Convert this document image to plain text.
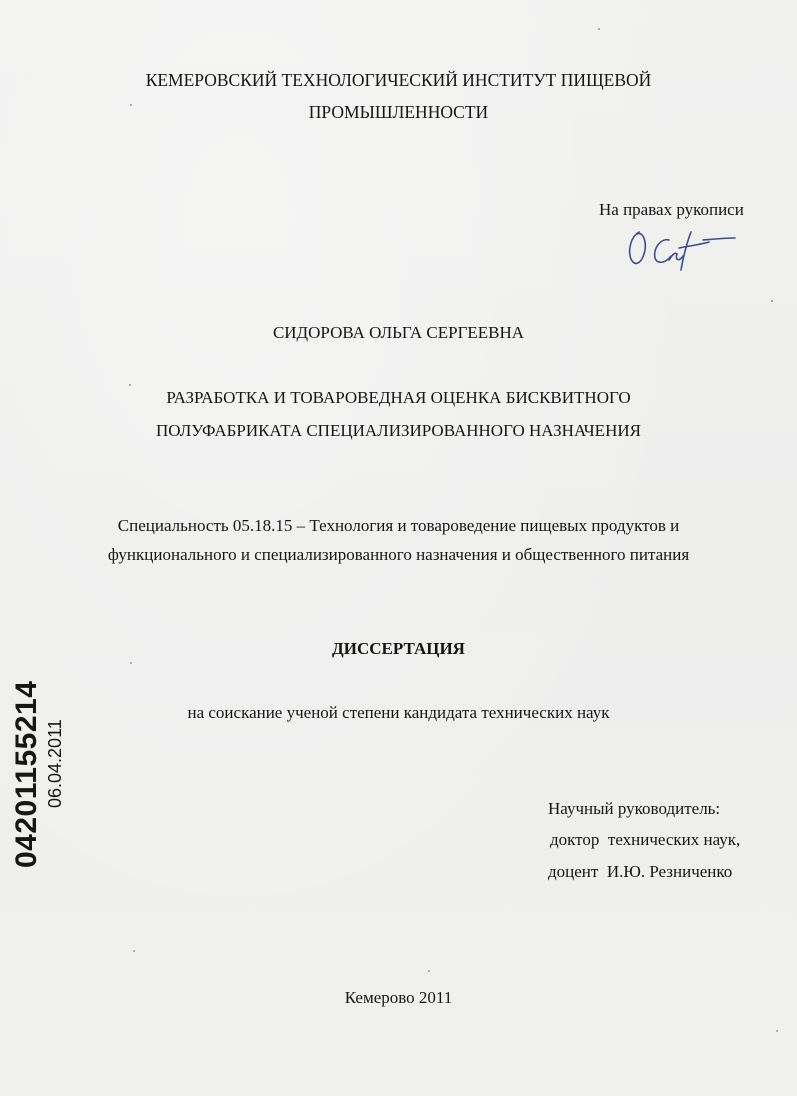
КЕМЕРОВСКИЙ ТЕХНОЛОГИЧЕСКИЙ ИНСТИТУТ ПИЩЕВОЙ
ПРОМЫШЛЕННОСТИ
На правах рукописи
СИДОРОВА ОЛЬГА СЕРГЕЕВНА
РАЗРАБОТКА И ТОВАРОВЕДНАЯ ОЦЕНКА БИСКВИТНОГО
ПОЛУФАБРИКАТА СПЕЦИАЛИЗИРОВАННОГО НАЗНАЧЕНИЯ
Специальность 05.18.15 – Технология и товароведение пищевых продуктов и
функционального и специализированного назначения и общественного питания
ДИССЕРТАЦИЯ
на соискание ученой степени кандидата технических наук
Научный руководитель:
доктор  технических наук,
доцент  И.Ю. Резниченко
Кемерово 2011
04201155214 06.04.2011
